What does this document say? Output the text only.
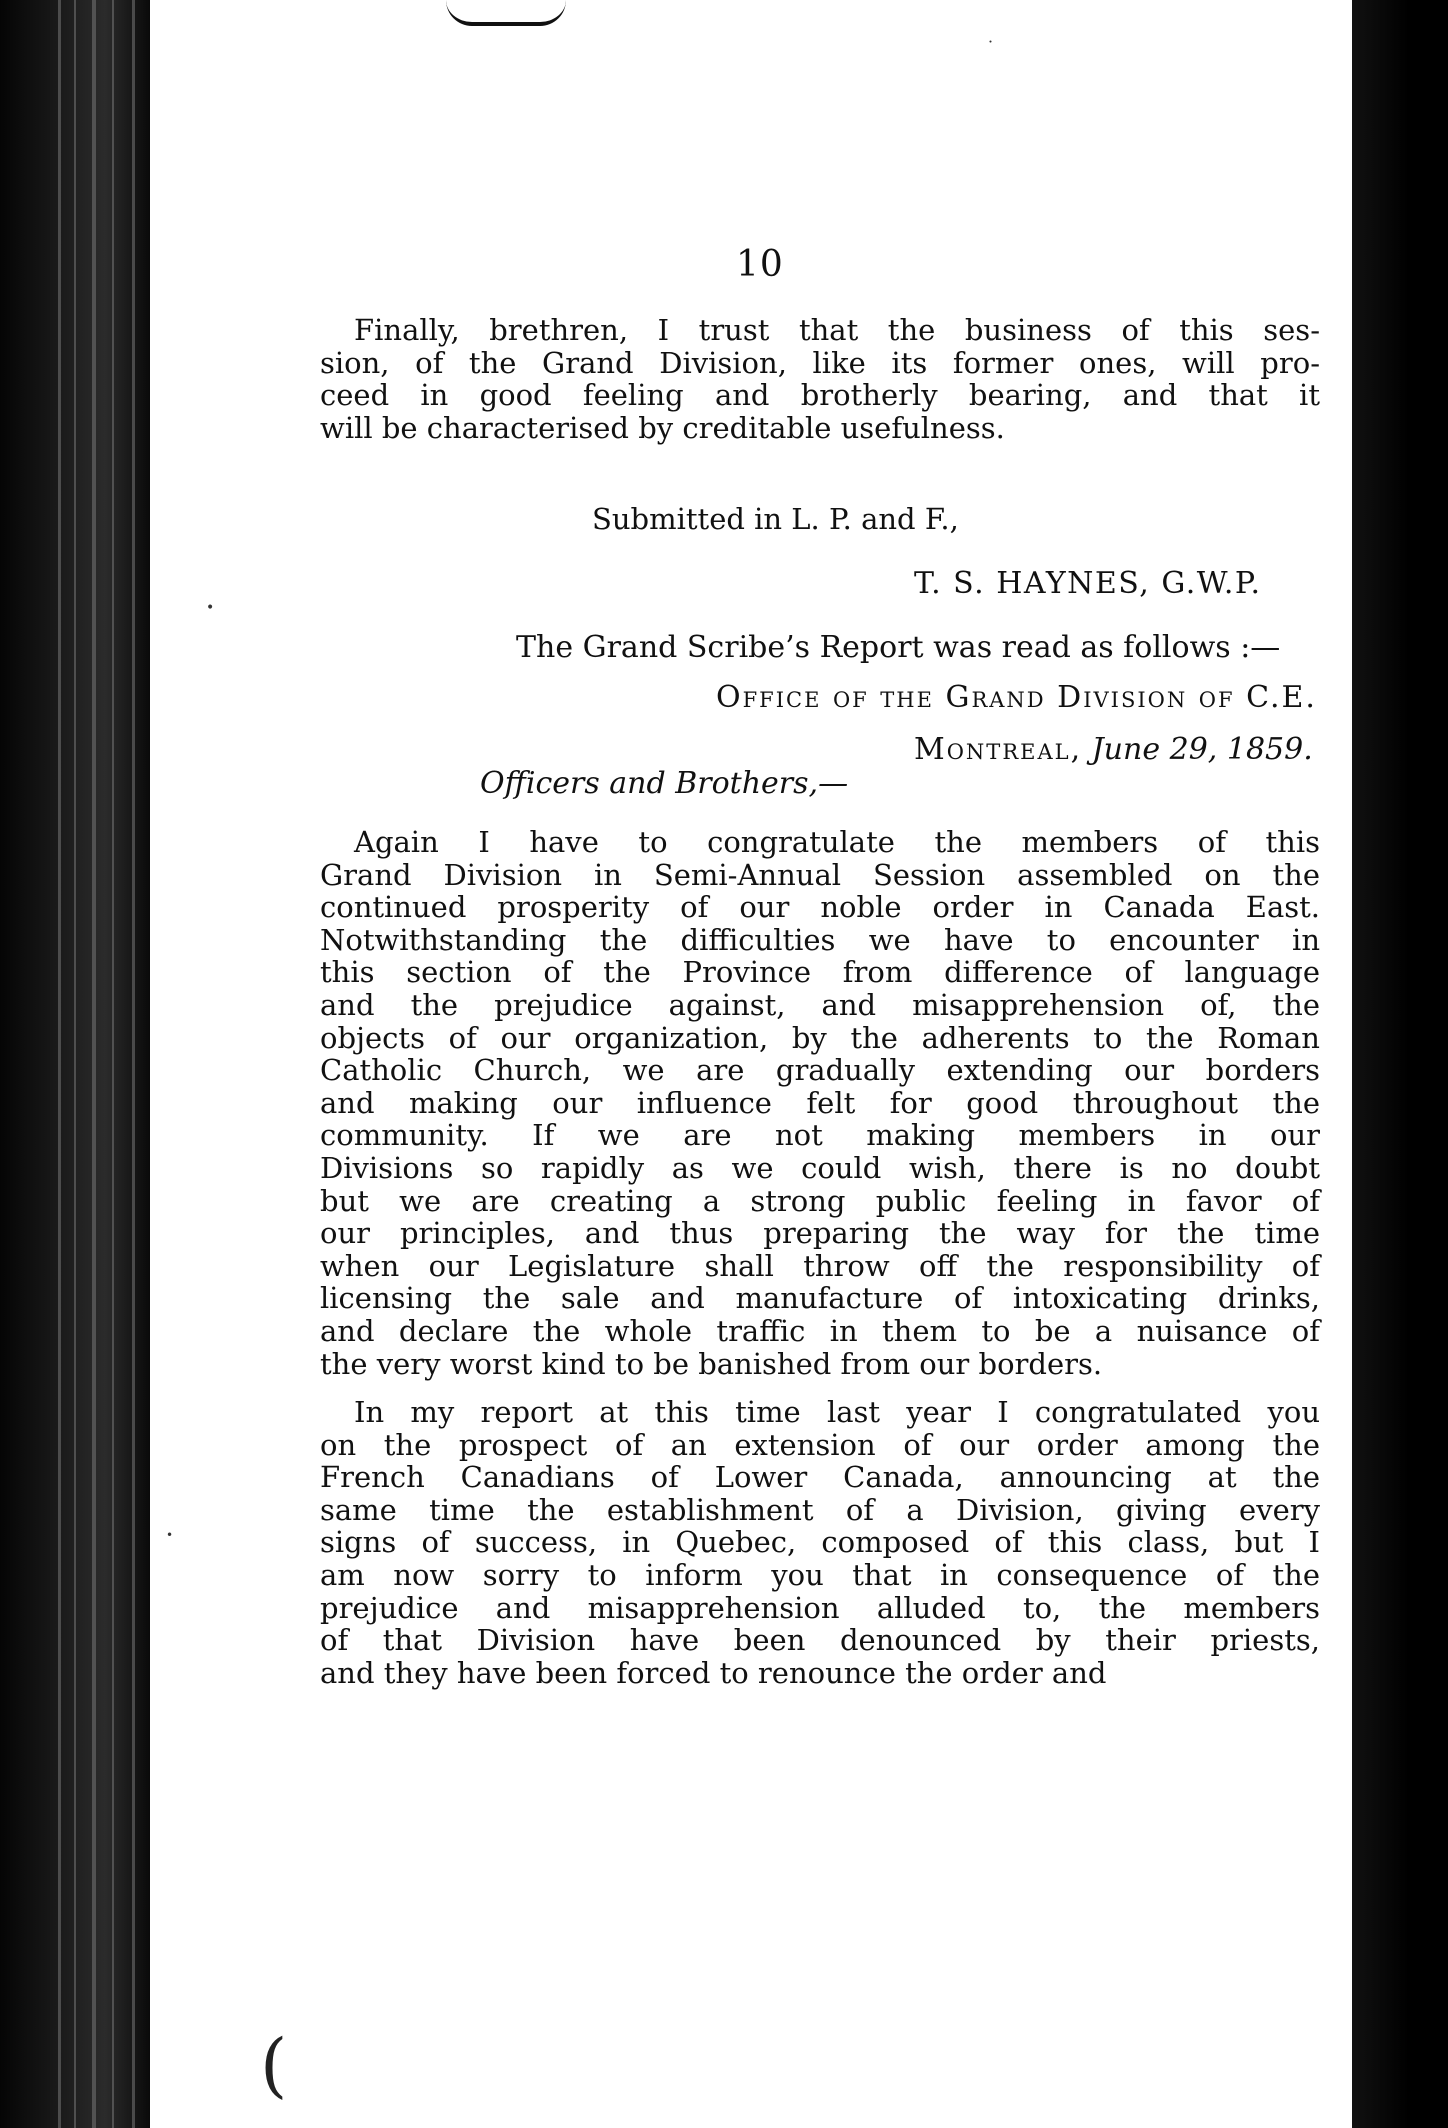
˙
•
•
(
10
Finally, brethren, I trust that the business of this ses-
sion, of the Grand Division, like its former ones, will pro-
ceed in good feeling and brotherly bearing, and that it
will be characterised by creditable usefulness.
Submitted in L. P. and F.,
T. S. HAYNES, G.W.P.
The Grand Scribe’s Report was read as follows :—
Office of the Grand Division of C.E.
Montreal, June 29, 1859.
Officers and Brothers,—
Again I have to congratulate the members of this
Grand Division in Semi-Annual Session assembled on the
continued prosperity of our noble order in Canada East.
Notwithstanding the difficulties we have to encounter in
this section of the Province from difference of language
and the prejudice against, and misapprehension of, the
objects of our organization, by the adherents to the Roman
Catholic Church, we are gradually extending our borders
and making our influence felt for good throughout the
community. If we are not making members in our
Divisions so rapidly as we could wish, there is no doubt
but we are creating a strong public feeling in favor of
our principles, and thus preparing the way for the time
when our Legislature shall throw off the responsibility of
licensing the sale and manufacture of intoxicating drinks,
and declare the whole traffic in them to be a nuisance of
the very worst kind to be banished from our borders.
In my report at this time last year I congratulated you
on the prospect of an extension of our order among the
French Canadians of Lower Canada, announcing at the
same time the establishment of a Division, giving every
signs of success, in Quebec, composed of this class, but I
am now sorry to inform you that in consequence of the
prejudice and misapprehension alluded to, the members
of that Division have been denounced by their priests,
and they have been forced to renounce the order and
